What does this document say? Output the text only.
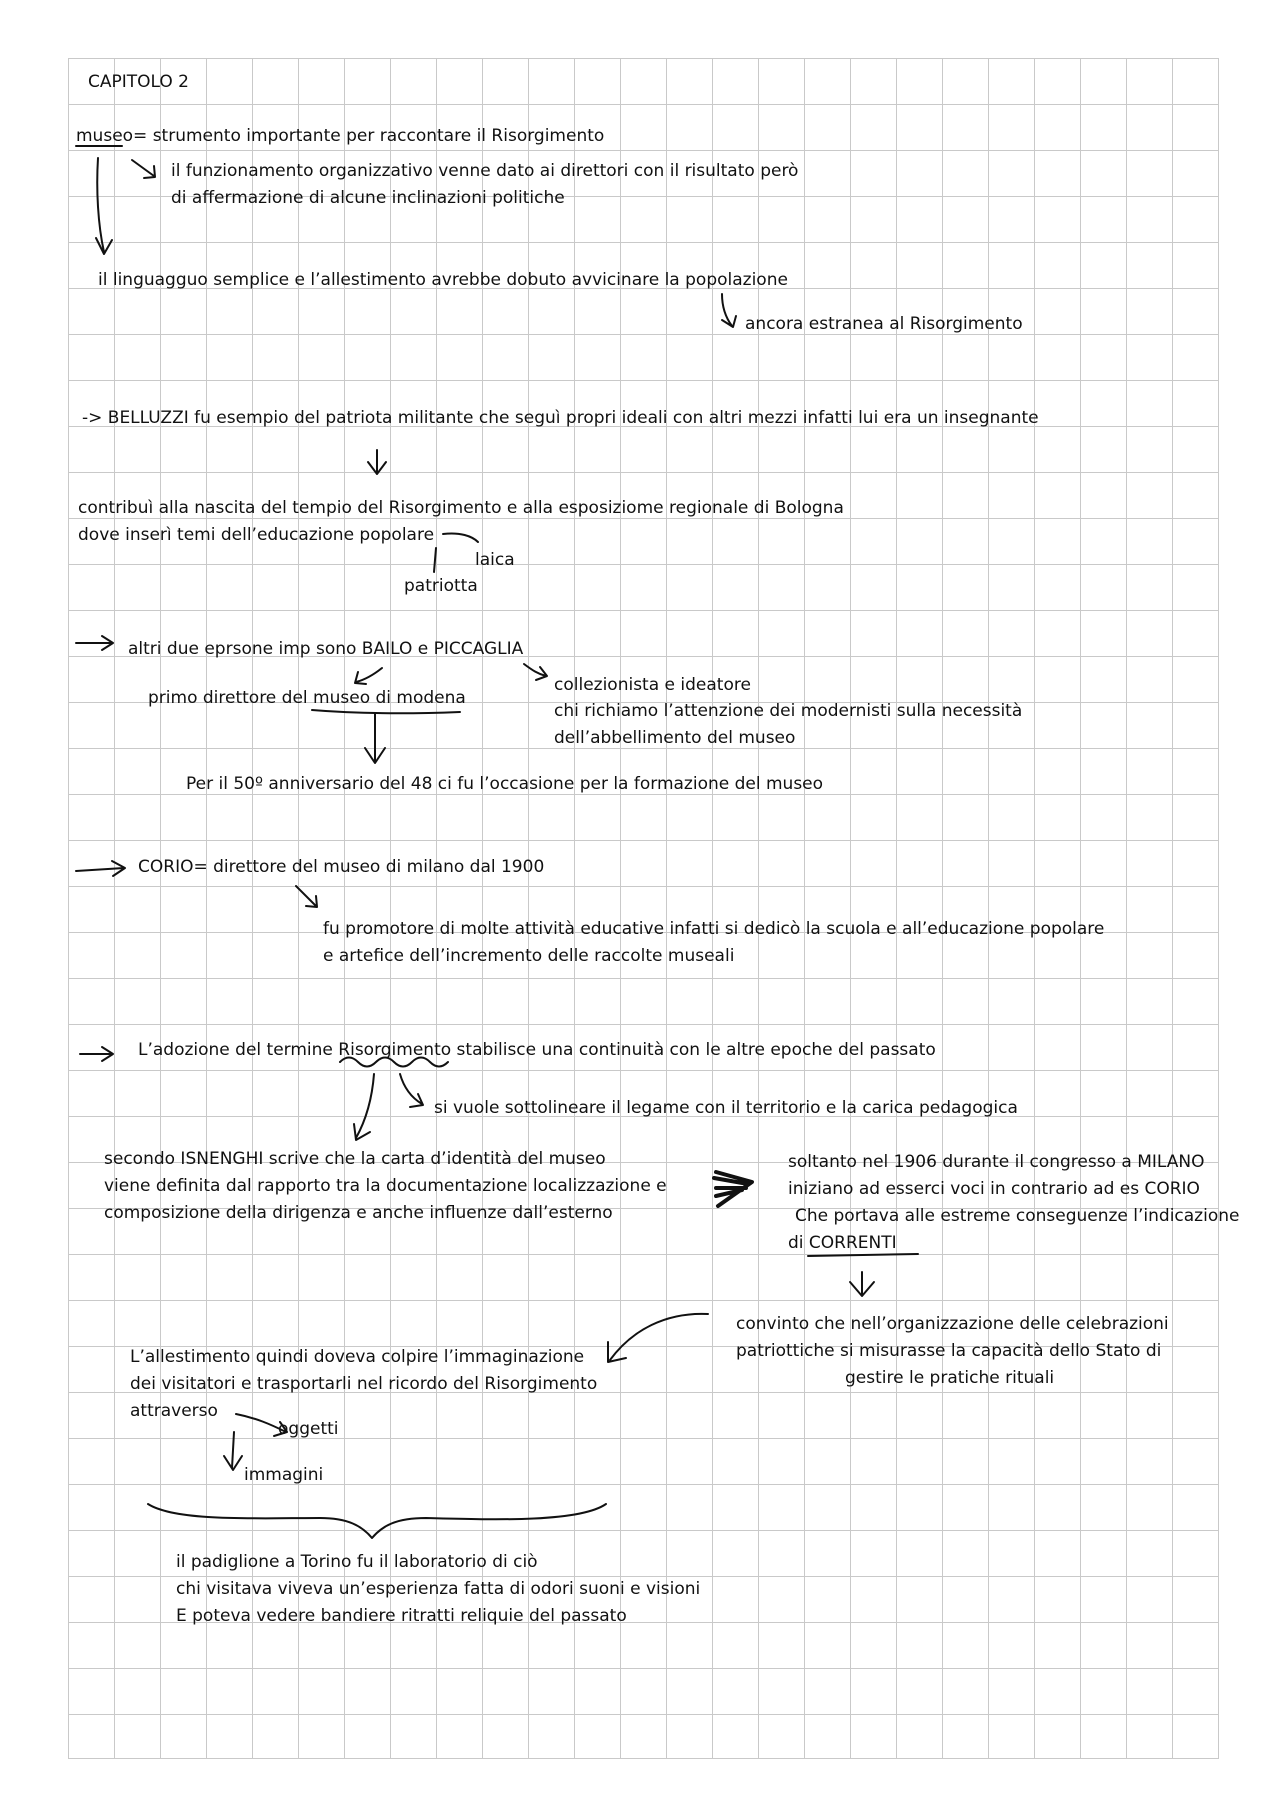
CAPITOLO 2
museo= strumento importante per raccontare il Risorgimento
il funzionamento organizzativo venne dato ai direttori con il risultato però
di affermazione di alcune inclinazioni politiche
il linguagguo semplice e l’allestimento avrebbe dobuto avvicinare la popolazione
ancora estranea al Risorgimento
-> BELLUZZI fu esempio del patriota militante che seguì propri ideali con altri mezzi infatti lui era un insegnante
contribuì alla nascita del tempio del Risorgimento e alla esposiziome regionale di Bologna
dove inserì temi dell’educazione popolare
laica
patriotta
altri due eprsone imp sono BAILO e PICCAGLIA
primo direttore del museo di modena
collezionista e ideatore
chi richiamo l’attenzione dei modernisti sulla necessità
dell’abbellimento del museo
Per il 50º anniversario del 48 ci fu l’occasione per la formazione del museo
CORIO= direttore del museo di milano dal 1900
fu promotore di molte attività educative infatti si dedicò la scuola e all’educazione popolare
e artefice dell’incremento delle raccolte museali
L’adozione del termine Risorgimento stabilisce una continuità con le altre epoche del passato
si vuole sottolineare il legame con il territorio e la carica pedagogica
secondo ISNENGHI scrive che la carta d’identità del museo
viene definita dal rapporto tra la documentazione localizzazione e
composizione della dirigenza e anche influenze dall’esterno
soltanto nel 1906 durante il congresso a MILANO
iniziano ad esserci voci in contrario ad es CORIO
Che portava alle estreme conseguenze l’indicazione
di CORRENTI
convinto che nell’organizzazione delle celebrazioni
patriottiche si misurasse la capacità dello Stato di
gestire le pratiche rituali
L’allestimento quindi doveva colpire l’immaginazione
dei visitatori e trasportarli nel ricordo del Risorgimento
attraverso
oggetti
immagini
il padiglione a Torino fu il laboratorio di ciò
chi visitava viveva un’esperienza fatta di odori suoni e visioni
E poteva vedere bandiere ritratti reliquie del passato
